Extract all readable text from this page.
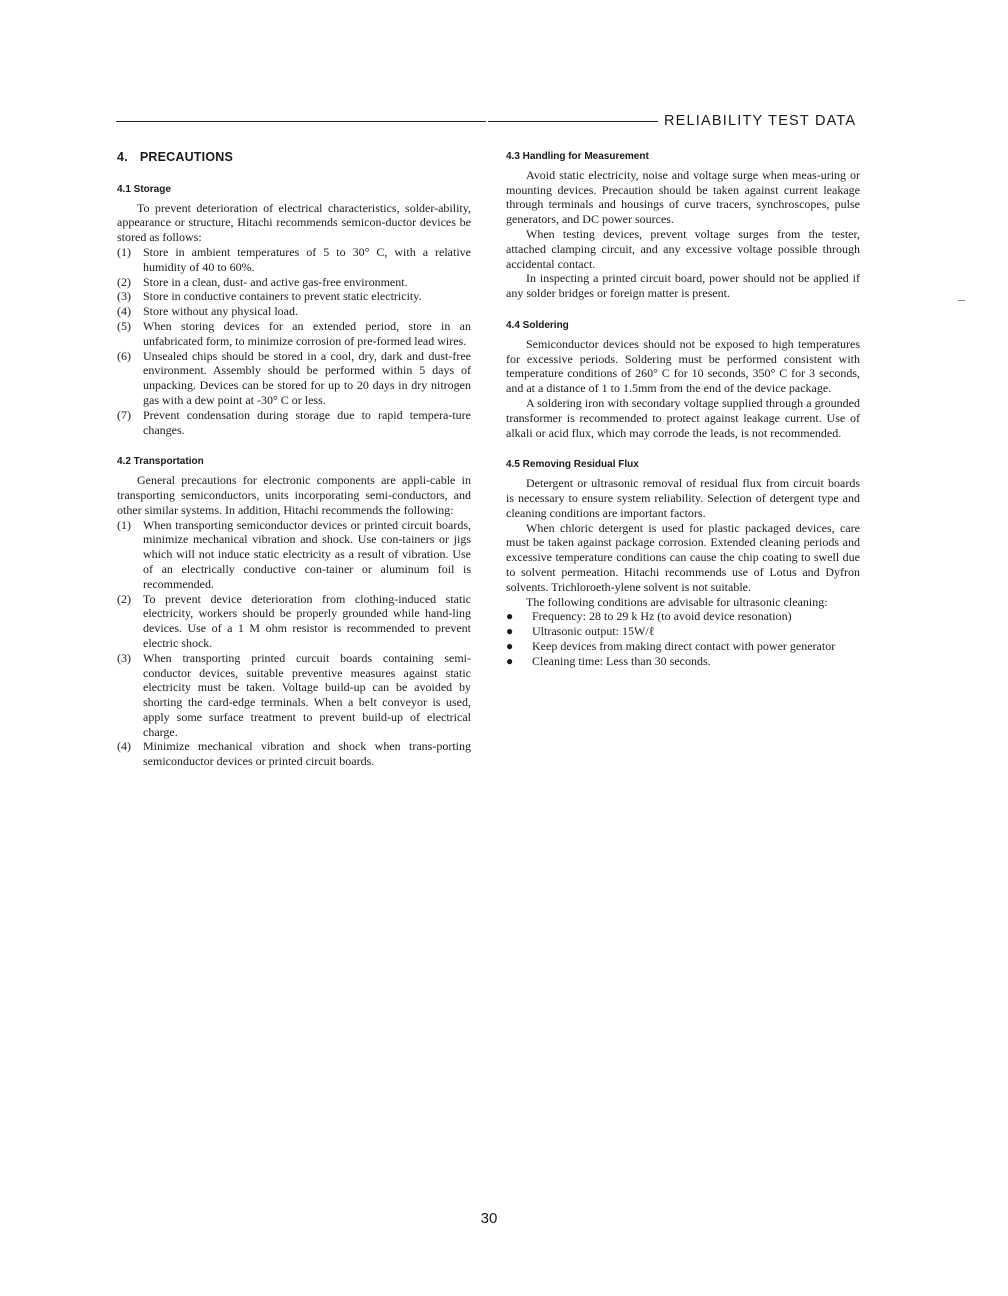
RELIABILITY TEST DATA
4. PRECAUTIONS
4.1 Storage

To prevent deterioration of electrical characteristics, solder-ability, appearance or structure, Hitachi recommends semicon-ductor devices be stored as follows:

(1) Store in ambient temperatures of 5 to 30° C, with a relative humidity of 40 to 60%.
(2) Store in a clean, dust- and active gas-free environment.
(3) Store in conductive containers to prevent static electricity.
(4) Store without any physical load.
(5) When storing devices for an extended period, store in an unfabricated form, to minimize corrosion of pre-formed lead wires.
(6) Unsealed chips should be stored in a cool, dry, dark and dust-free environment. Assembly should be performed within 5 days of unpacking. Devices can be stored for up to 20 days in dry nitrogen gas with a dew point at -30° C or less.
(7) Prevent condensation during storage due to rapid tempera-ture changes.
4.2 Transportation

General precautions for electronic components are appli-cable in transporting semiconductors, units incorporating semi-conductors, and other similar systems. In addition, Hitachi recommends the following:

(1) When transporting semiconductor devices or printed circuit boards, minimize mechanical vibration and shock. Use con-tainers or jigs which will not induce static electricity as a result of vibration. Use of an electrically conductive con-tainer or aluminum foil is recommended.
(2) To prevent device deterioration from clothing-induced static electricity, workers should be properly grounded while hand-ling devices. Use of a 1 M ohm resistor is recommended to prevent electric shock.
(3) When transporting printed curcuit boards containing semi-conductor devices, suitable preventive measures against static electricity must be taken. Voltage build-up can be avoided by shorting the card-edge terminals. When a belt conveyor is used, apply some surface treatment to prevent build-up of electrical charge.
(4) Minimize mechanical vibration and shock when trans-porting semiconductor devices or printed circuit boards.
4.3 Handling for Measurement

Avoid static electricity, noise and voltage surge when meas-uring or mounting devices. Precaution should be taken against current leakage through terminals and housings of curve tracers, synchroscopes, pulse generators, and DC power sources.

When testing devices, prevent voltage surges from the tester, attached clamping circuit, and any excessive voltage possible through accidental contact.

In inspecting a printed circuit board, power should not be applied if any solder bridges or foreign matter is present.

4.4 Soldering

Semiconductor devices should not be exposed to high temperatures for excessive periods. Soldering must be performed consistent with temperature conditions of 260° C for 10 seconds, 350° C for 3 seconds, and at a distance of 1 to 1.5mm from the end of the device package.

A soldering iron with secondary voltage supplied through a grounded transformer is recommended to protect against leakage current. Use of alkali or acid flux, which may corrode the leads, is not recommended.

4.5 Removing Residual Flux

Detergent or ultrasonic removal of residual flux from circuit boards is necessary to ensure system reliability. Selection of detergent type and cleaning conditions are important factors.

When chloric detergent is used for plastic packaged devices, care must be taken against package corrosion. Extended cleaning periods and excessive temperature conditions can cause the chip coating to swell due to solvent permeation. Hitachi recommends use of Lotus and Dyfron solvents. Trichloroeth-ylene solvent is not suitable.

The following conditions are advisable for ultrasonic cleaning:

● Frequency: 28 to 29 k Hz (to avoid device resonation)
● Ultrasonic output: 15W/ℓ
● Keep devices from making direct contact with power generator
● Cleaning time: Less than 30 seconds.
30
